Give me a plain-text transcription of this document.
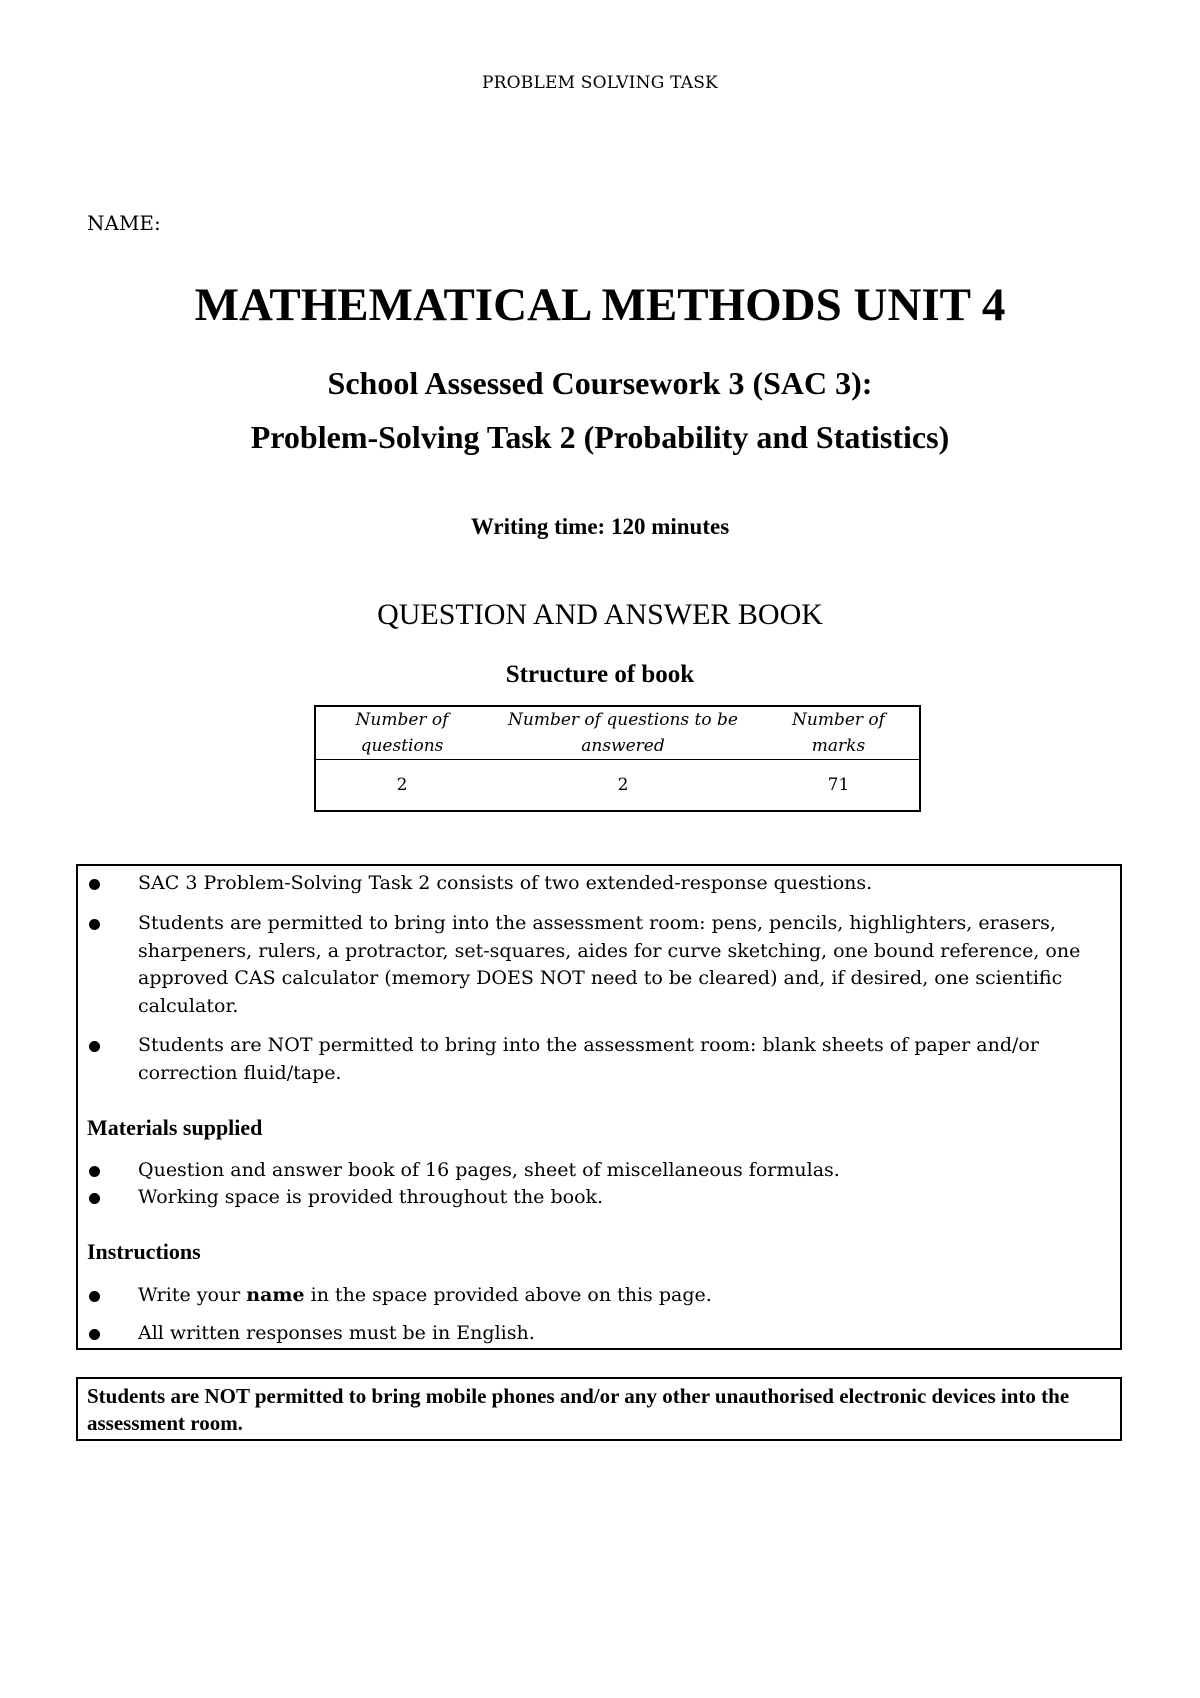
PROBLEM SOLVING TASK
NAME:
MATHEMATICAL METHODS UNIT 4
School Assessed Coursework 3 (SAC 3):
Problem-Solving Task 2 (Probability and Statistics)
Writing time: 120 minutes
QUESTION AND ANSWER BOOK
Structure of book
Number of questions	Number of questions to be answered	Number of marks
2	2	71
SAC 3 Problem-Solving Task 2 consists of two extended-response questions.
Students are permitted to bring into the assessment room: pens, pencils, highlighters, erasers, sharpeners, rulers, a protractor, set-squares, aides for curve sketching, one bound reference, one approved CAS calculator (memory DOES NOT need to be cleared) and, if desired, one scientific calculator.
Students are NOT permitted to bring into the assessment room: blank sheets of paper and/or correction fluid/tape.
Materials supplied
Question and answer book of 16 pages, sheet of miscellaneous formulas.
Working space is provided throughout the book.
Instructions
Write your name in the space provided above on this page.
All written responses must be in English.
Students are NOT permitted to bring mobile phones and/or any other unauthorised electronic devices into the assessment room.
